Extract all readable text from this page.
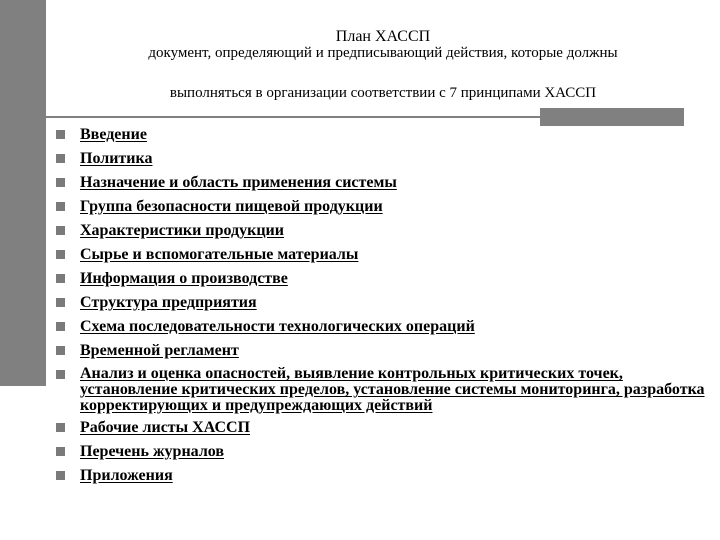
План ХАССП
документ, определяющий и предписывающий действия, которые должны
выполняться в организации соответствии с 7 принципами ХАССП
Введение
Политика
Назначение и область применения системы
Группа безопасности пищевой продукции
Характеристики продукции
Сырье и вспомогательные материалы
Информация о производстве
Структура предприятия
Схема последовательности технологических операций
Временной регламент
Анализ и оценка опасностей, выявление контрольных критических точек, установление критических пределов, установление системы мониторинга, разработка корректирующих и предупреждающих действий
Рабочие листы ХАССП
Перечень журналов
Приложения
